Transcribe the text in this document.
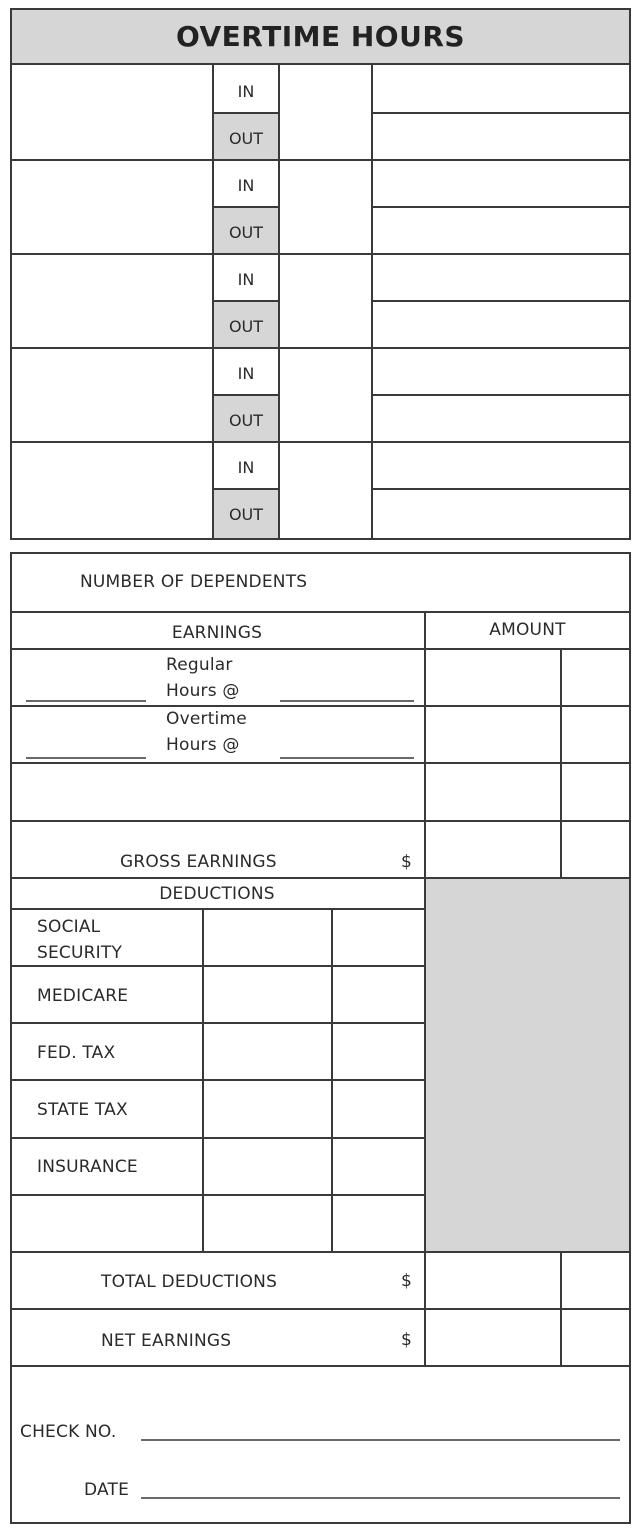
OVERTIME HOURS
IN
OUT
IN
OUT
IN
OUT
IN
OUT
IN
OUT
NUMBER OF DEPENDENTS
EARNINGS	AMOUNT
Regular
Hours @
Overtime
Hours @
GROSS EARNINGS	$
DEDUCTIONS
SOCIAL SECURITY
MEDICARE
FED. TAX
STATE TAX
INSURANCE
TOTAL DEDUCTIONS	$
NET EARNINGS	$
CHECK NO.
DATE
